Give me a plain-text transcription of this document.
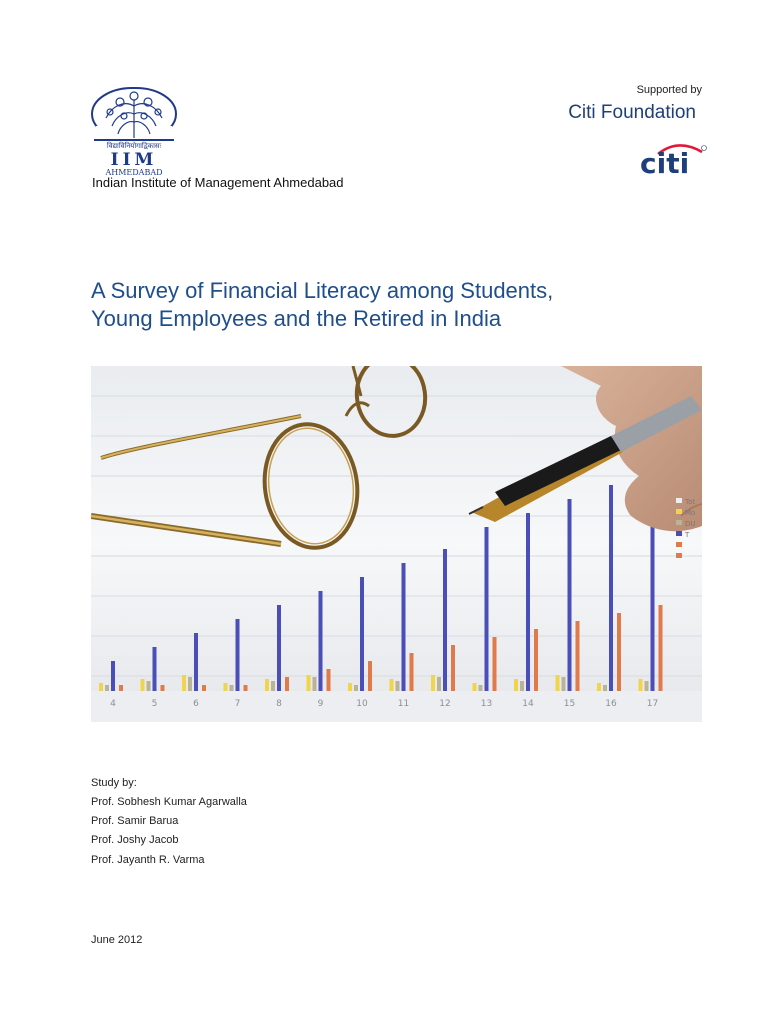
विद्याविनियोगाद्विकासः
IIM
AHMEDABAD
Indian Institute of Management Ahmedabad
Supported by
Citi Foundation
citi
A Survey of Financial Literacy among Students,
Young Employees and the Retired in India
4	5	6	7	8	9	10	11	12	13	14	15	16	17
Tot
Mo
DU
T
Study by:
Prof. Sobhesh Kumar Agarwalla
Prof. Samir Barua
Prof. Joshy Jacob
Prof. Jayanth R. Varma
June 2012
